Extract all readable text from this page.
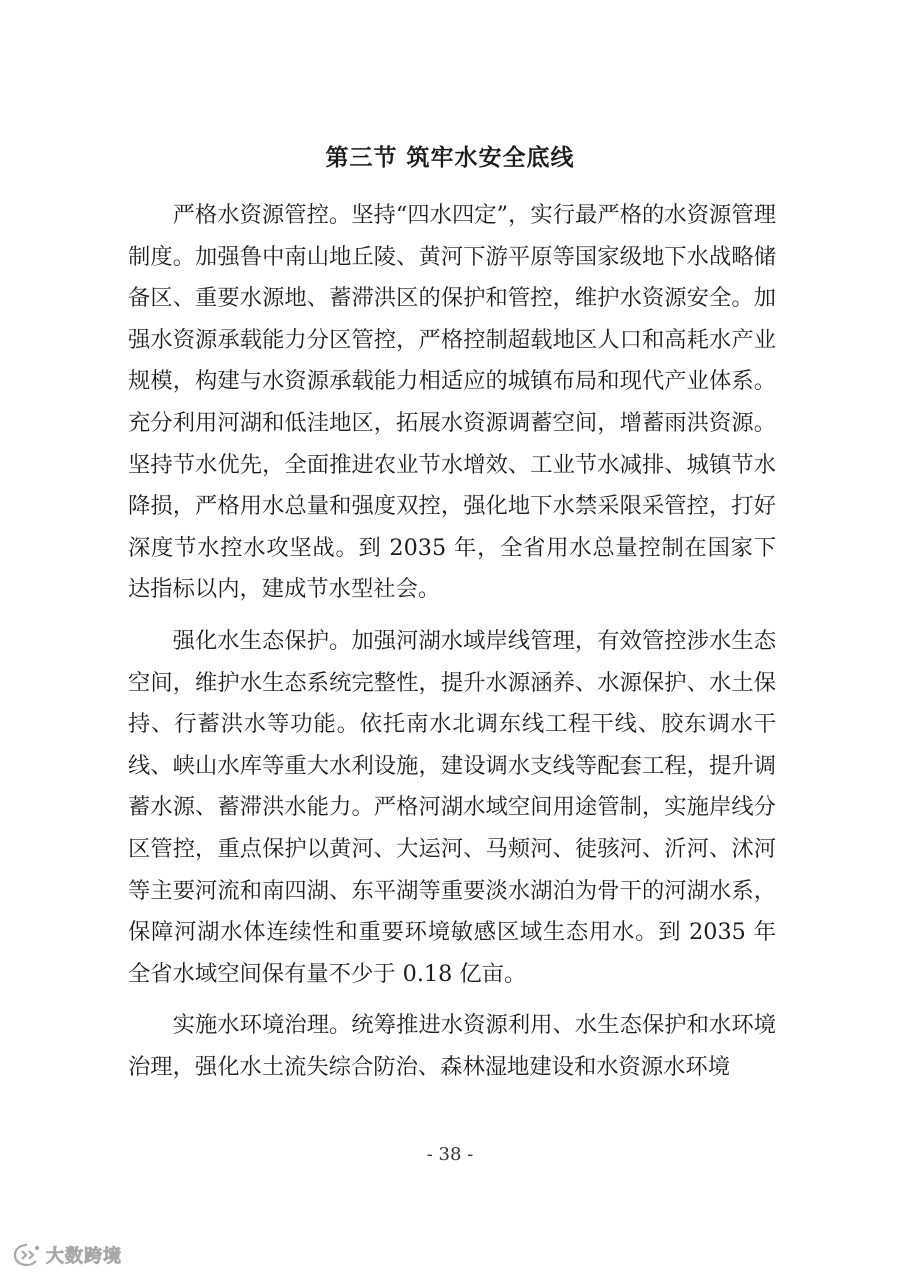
第三节 筑牢水安全底线

严格水资源管控。坚持“四水四定”，实行最严格的水资源管理制度。加强鲁中南山地丘陵、黄河下游平原等国家级地下水战略储备区、重要水源地、蓄滞洪区的保护和管控，维护水资源安全。加强水资源承载能力分区管控，严格控制超载地区人口和高耗水产业规模，构建与水资源承载能力相适应的城镇布局和现代产业体系。充分利用河湖和低洼地区，拓展水资源调蓄空间，增蓄雨洪资源。坚持节水优先，全面推进农业节水增效、工业节水减排、城镇节水降损，严格用水总量和强度双控，强化地下水禁采限采管控，打好深度节水控水攻坚战。到 2035 年，全省用水总量控制在国家下达指标以内，建成节水型社会。

强化水生态保护。加强河湖水域岸线管理，有效管控涉水生态空间，维护水生态系统完整性，提升水源涵养、水源保护、水土保持、行蓄洪水等功能。依托南水北调东线工程干线、胶东调水干线、峡山水库等重大水利设施，建设调水支线等配套工程，提升调蓄水源、蓄滞洪水能力。严格河湖水域空间用途管制，实施岸线分区管控，重点保护以黄河、大运河、马颊河、徒骇河、沂河、沭河等主要河流和南四湖、东平湖等重要淡水湖泊为骨干的河湖水系，保障河湖水体连续性和重要环境敏感区域生态用水。到 2035 年全省水域空间保有量不少于 0.18 亿亩。

实施水环境治理。统筹推进水资源利用、水生态保护和水环境治理，强化水土流失综合防治、森林湿地建设和水资源水环境

- 38 -
大数跨境
